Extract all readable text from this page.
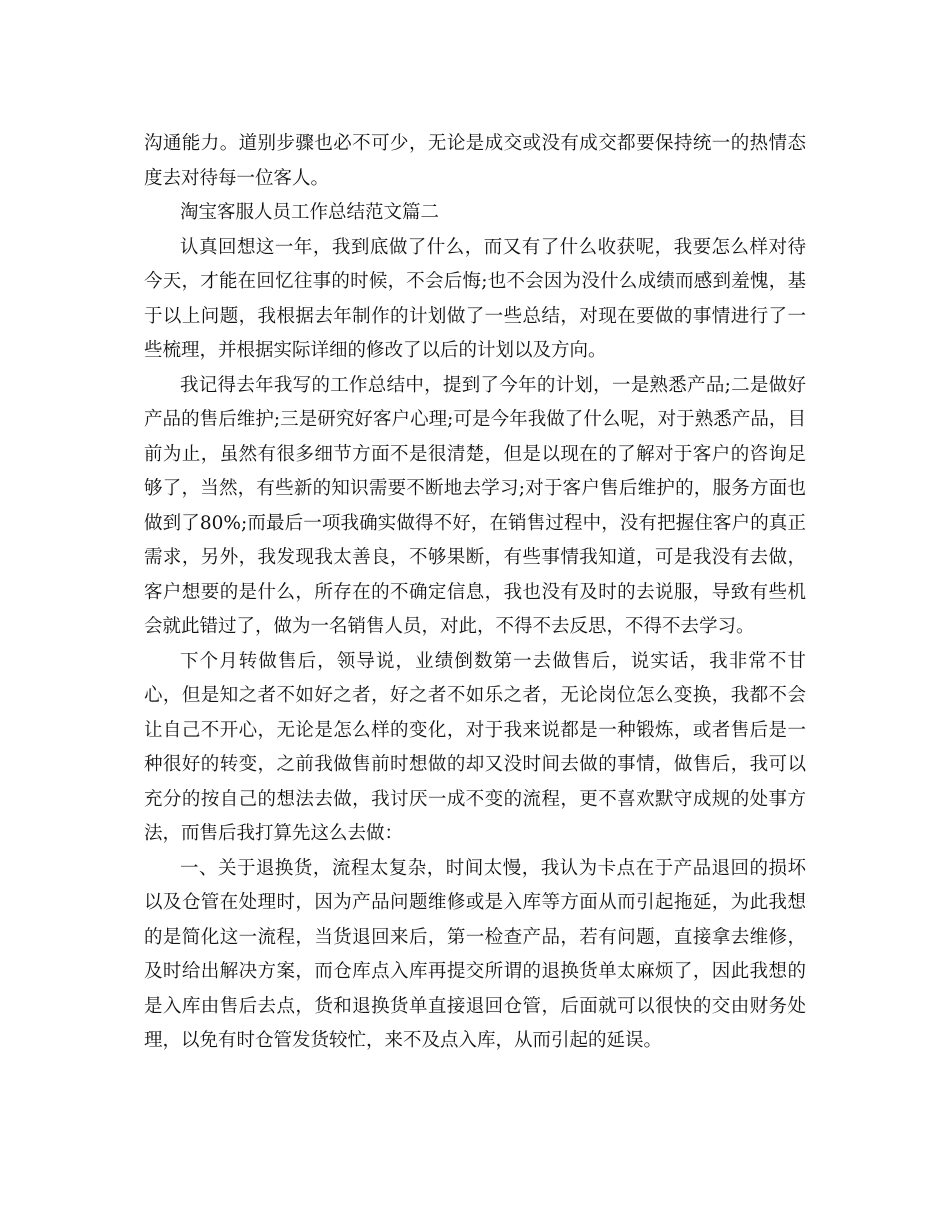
沟通能力。道别步骤也必不可少，无论是成交或没有成交都要保持统一的热情态度去对待每一位客人。

淘宝客服人员工作总结范文篇二

认真回想这一年，我到底做了什么，而又有了什么收获呢，我要怎么样对待今天，才能在回忆往事的时候，不会后悔;也不会因为没什么成绩而感到羞愧，基于以上问题，我根据去年制作的计划做了一些总结，对现在要做的事情进行了一些梳理，并根据实际详细的修改了以后的计划以及方向。

我记得去年我写的工作总结中，提到了今年的计划，一是熟悉产品;二是做好产品的售后维护;三是研究好客户心理;可是今年我做了什么呢，对于熟悉产品，目前为止，虽然有很多细节方面不是很清楚，但是以现在的了解对于客户的咨询足够了，当然，有些新的知识需要不断地去学习;对于客户售后维护的，服务方面也做到了80%;而最后一项我确实做得不好，在销售过程中，没有把握住客户的真正需求，另外，我发现我太善良，不够果断，有些事情我知道，可是我没有去做，客户想要的是什么，所存在的不确定信息，我也没有及时的去说服，导致有些机会就此错过了，做为一名销售人员，对此，不得不去反思，不得不去学习。

下个月转做售后，领导说，业绩倒数第一去做售后，说实话，我非常不甘心，但是知之者不如好之者，好之者不如乐之者，无论岗位怎么变换，我都不会让自己不开心，无论是怎么样的变化，对于我来说都是一种锻炼，或者售后是一种很好的转变，之前我做售前时想做的却又没时间去做的事情，做售后，我可以充分的按自己的想法去做，我讨厌一成不变的流程，更不喜欢默守成规的处事方法，而售后我打算先这么去做：

一、关于退换货，流程太复杂，时间太慢，我认为卡点在于产品退回的损坏以及仓管在处理时，因为产品问题维修或是入库等方面从而引起拖延，为此我想的是简化这一流程，当货退回来后，第一检查产品，若有问题，直接拿去维修，及时给出解决方案，而仓库点入库再提交所谓的退换货单太麻烦了，因此我想的是入库由售后去点，货和退换货单直接退回仓管，后面就可以很快的交由财务处理，以免有时仓管发货较忙，来不及点入库，从而引起的延误。
